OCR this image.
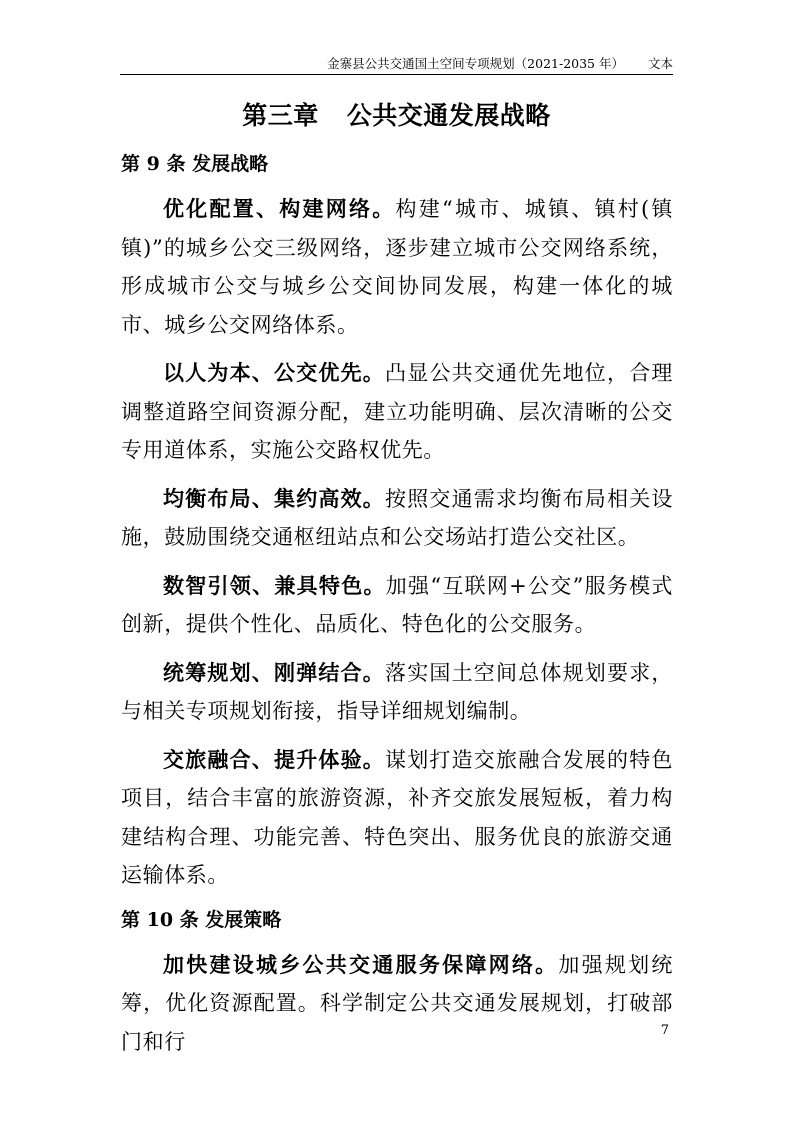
金寨县公共交通国土空间专项规划（2021-2035 年） 文本
第三章 公共交通发展战略
第 9 条 发展战略

优化配置、构建网络。构建“城市、城镇、镇村(镇镇)”的城乡公交三级网络，逐步建立城市公交网络系统，形成城市公交与城乡公交间协同发展，构建一体化的城市、城乡公交网络体系。

以人为本、公交优先。凸显公共交通优先地位，合理调整道路空间资源分配，建立功能明确、层次清晰的公交专用道体系，实施公交路权优先。

均衡布局、集约高效。按照交通需求均衡布局相关设施，鼓励围绕交通枢纽站点和公交场站打造公交社区。

数智引领、兼具特色。加强“互联网+公交”服务模式创新，提供个性化、品质化、特色化的公交服务。

统筹规划、刚弹结合。落实国土空间总体规划要求，与相关专项规划衔接，指导详细规划编制。

交旅融合、提升体验。谋划打造交旅融合发展的特色项目，结合丰富的旅游资源，补齐交旅发展短板，着力构建结构合理、功能完善、特色突出、服务优良的旅游交通运输体系。

第 10 条 发展策略

加快建设城乡公共交通服务保障网络。加强规划统筹，优化资源配置。科学制定公共交通发展规划，打破部门和行	7
